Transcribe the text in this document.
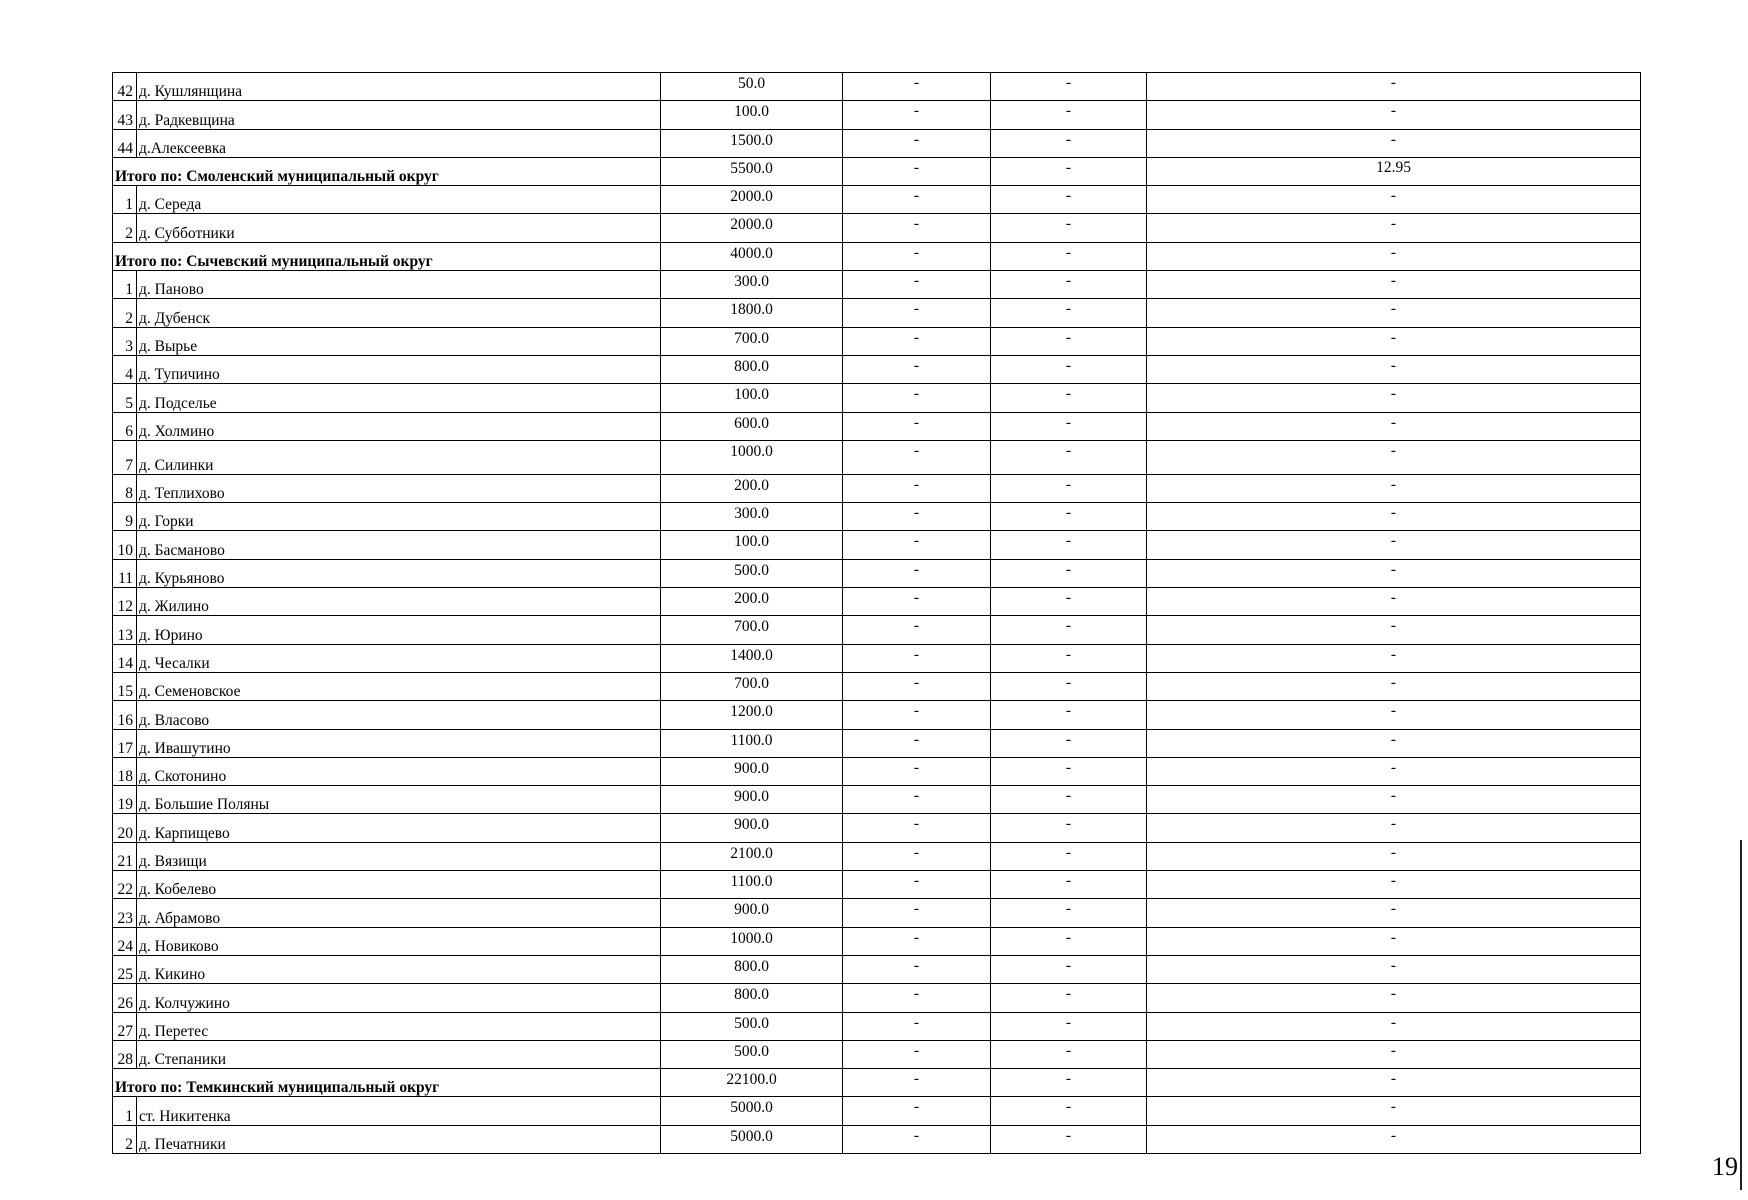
42	д. Кушлянщина	50.0	-	-	-
43	д. Радкевщина	100.0	-	-	-
44	д.Алексеевка	1500.0	-	-	-
Итого по: Смоленский муниципальный округ		5500.0	-	-	12.95
1	д. Середа	2000.0	-	-	-
2	д. Субботники	2000.0	-	-	-
Итого по: Сычевский муниципальный округ		4000.0	-	-	-
1	д. Паново	300.0	-	-	-
2	д. Дубенск	1800.0	-	-	-
3	д. Вырье	700.0	-	-	-
4	д. Тупичино	800.0	-	-	-
5	д. Подселье	100.0	-	-	-
6	д. Холмино	600.0	-	-	-
7	д. Силинки	1000.0	-	-	-
8	д. Теплихово	200.0	-	-	-
9	д. Горки	300.0	-	-	-
10	д. Басманово	100.0	-	-	-
11	д. Курьяново	500.0	-	-	-
12	д. Жилино	200.0	-	-	-
13	д. Юрино	700.0	-	-	-
14	д. Чесалки	1400.0	-	-	-
15	д. Семеновское	700.0	-	-	-
16	д. Власово	1200.0	-	-	-
17	д. Ивашутино	1100.0	-	-	-
18	д. Скотонино	900.0	-	-	-
19	д. Большие Поляны	900.0	-	-	-
20	д. Карпищево	900.0	-	-	-
21	д. Вязищи	2100.0	-	-	-
22	д. Кобелево	1100.0	-	-	-
23	д. Абрамово	900.0	-	-	-
24	д. Новиково	1000.0	-	-	-
25	д. Кикино	800.0	-	-	-
26	д. Колчужино	800.0	-	-	-
27	д. Перетес	500.0	-	-	-
28	д. Степаники	500.0	-	-	-
Итого по: Темкинский муниципальный округ		22100.0	-	-	-
1	ст. Никитенка	5000.0	-	-	-
2	д. Печатники	5000.0	-	-	-
19
